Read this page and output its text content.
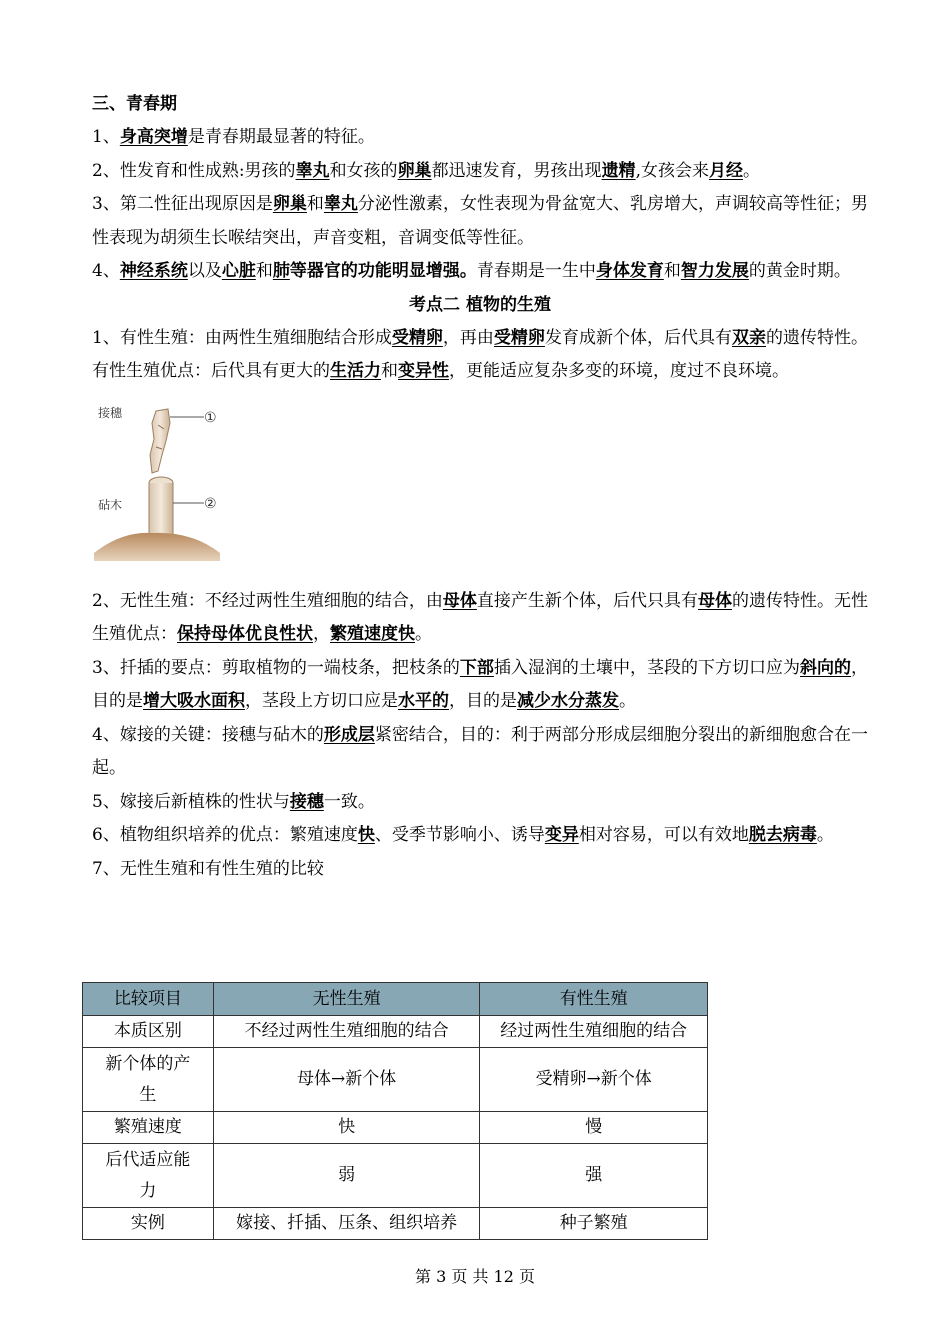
三、青春期

1、身高突增是青春期最显著的特征。

2、性发育和性成熟:男孩的睾丸和女孩的卵巢都迅速发育，男孩出现遗精,女孩会来月经。

3、第二性征出现原因是卵巢和睾丸分泌性激素，女性表现为骨盆宽大、乳房增大，声调较高等性征；男性表现为胡须生长喉结突出，声音变粗，音调变低等性征。

4、神经系统以及心脏和肺等器官的功能明显增强。青春期是一生中身体发育和智力发展的黄金时期。

考点二 植物的生殖

1、有性生殖：由两性生殖细胞结合形成受精卵，再由受精卵发育成新个体，后代具有双亲的遗传特性。有性生殖优点：后代具有更大的生活力和变异性，更能适应复杂多变的环境，度过不良环境。

接穗
砧木
①
②

2、无性生殖：不经过两性生殖细胞的结合，由母体直接产生新个体，后代只具有母体的遗传特性。无性生殖优点：保持母体优良性状，繁殖速度快。

3、扦插的要点：剪取植物的一端枝条，把枝条的下部插入湿润的土壤中，茎段的下方切口应为斜向的，目的是增大吸水面积，茎段上方切口应是水平的，目的是减少水分蒸发。

4、嫁接的关键：接穗与砧木的形成层紧密结合，目的：利于两部分形成层细胞分裂出的新细胞愈合在一起。

5、嫁接后新植株的性状与接穗一致。

6、植物组织培养的优点：繁殖速度快、受季节影响小、诱导变异相对容易，可以有效地脱去病毒。

7、无性生殖和有性生殖的比较

比较项目	无性生殖	有性生殖
本质区别	不经过两性生殖细胞的结合	经过两性生殖细胞的结合
新个体的产生	母体→新个体	受精卵→新个体
繁殖速度	快	慢
后代适应能力	弱	强
实例	嫁接、扦插、压条、组织培养	种子繁殖
第 3 页 共 12 页
